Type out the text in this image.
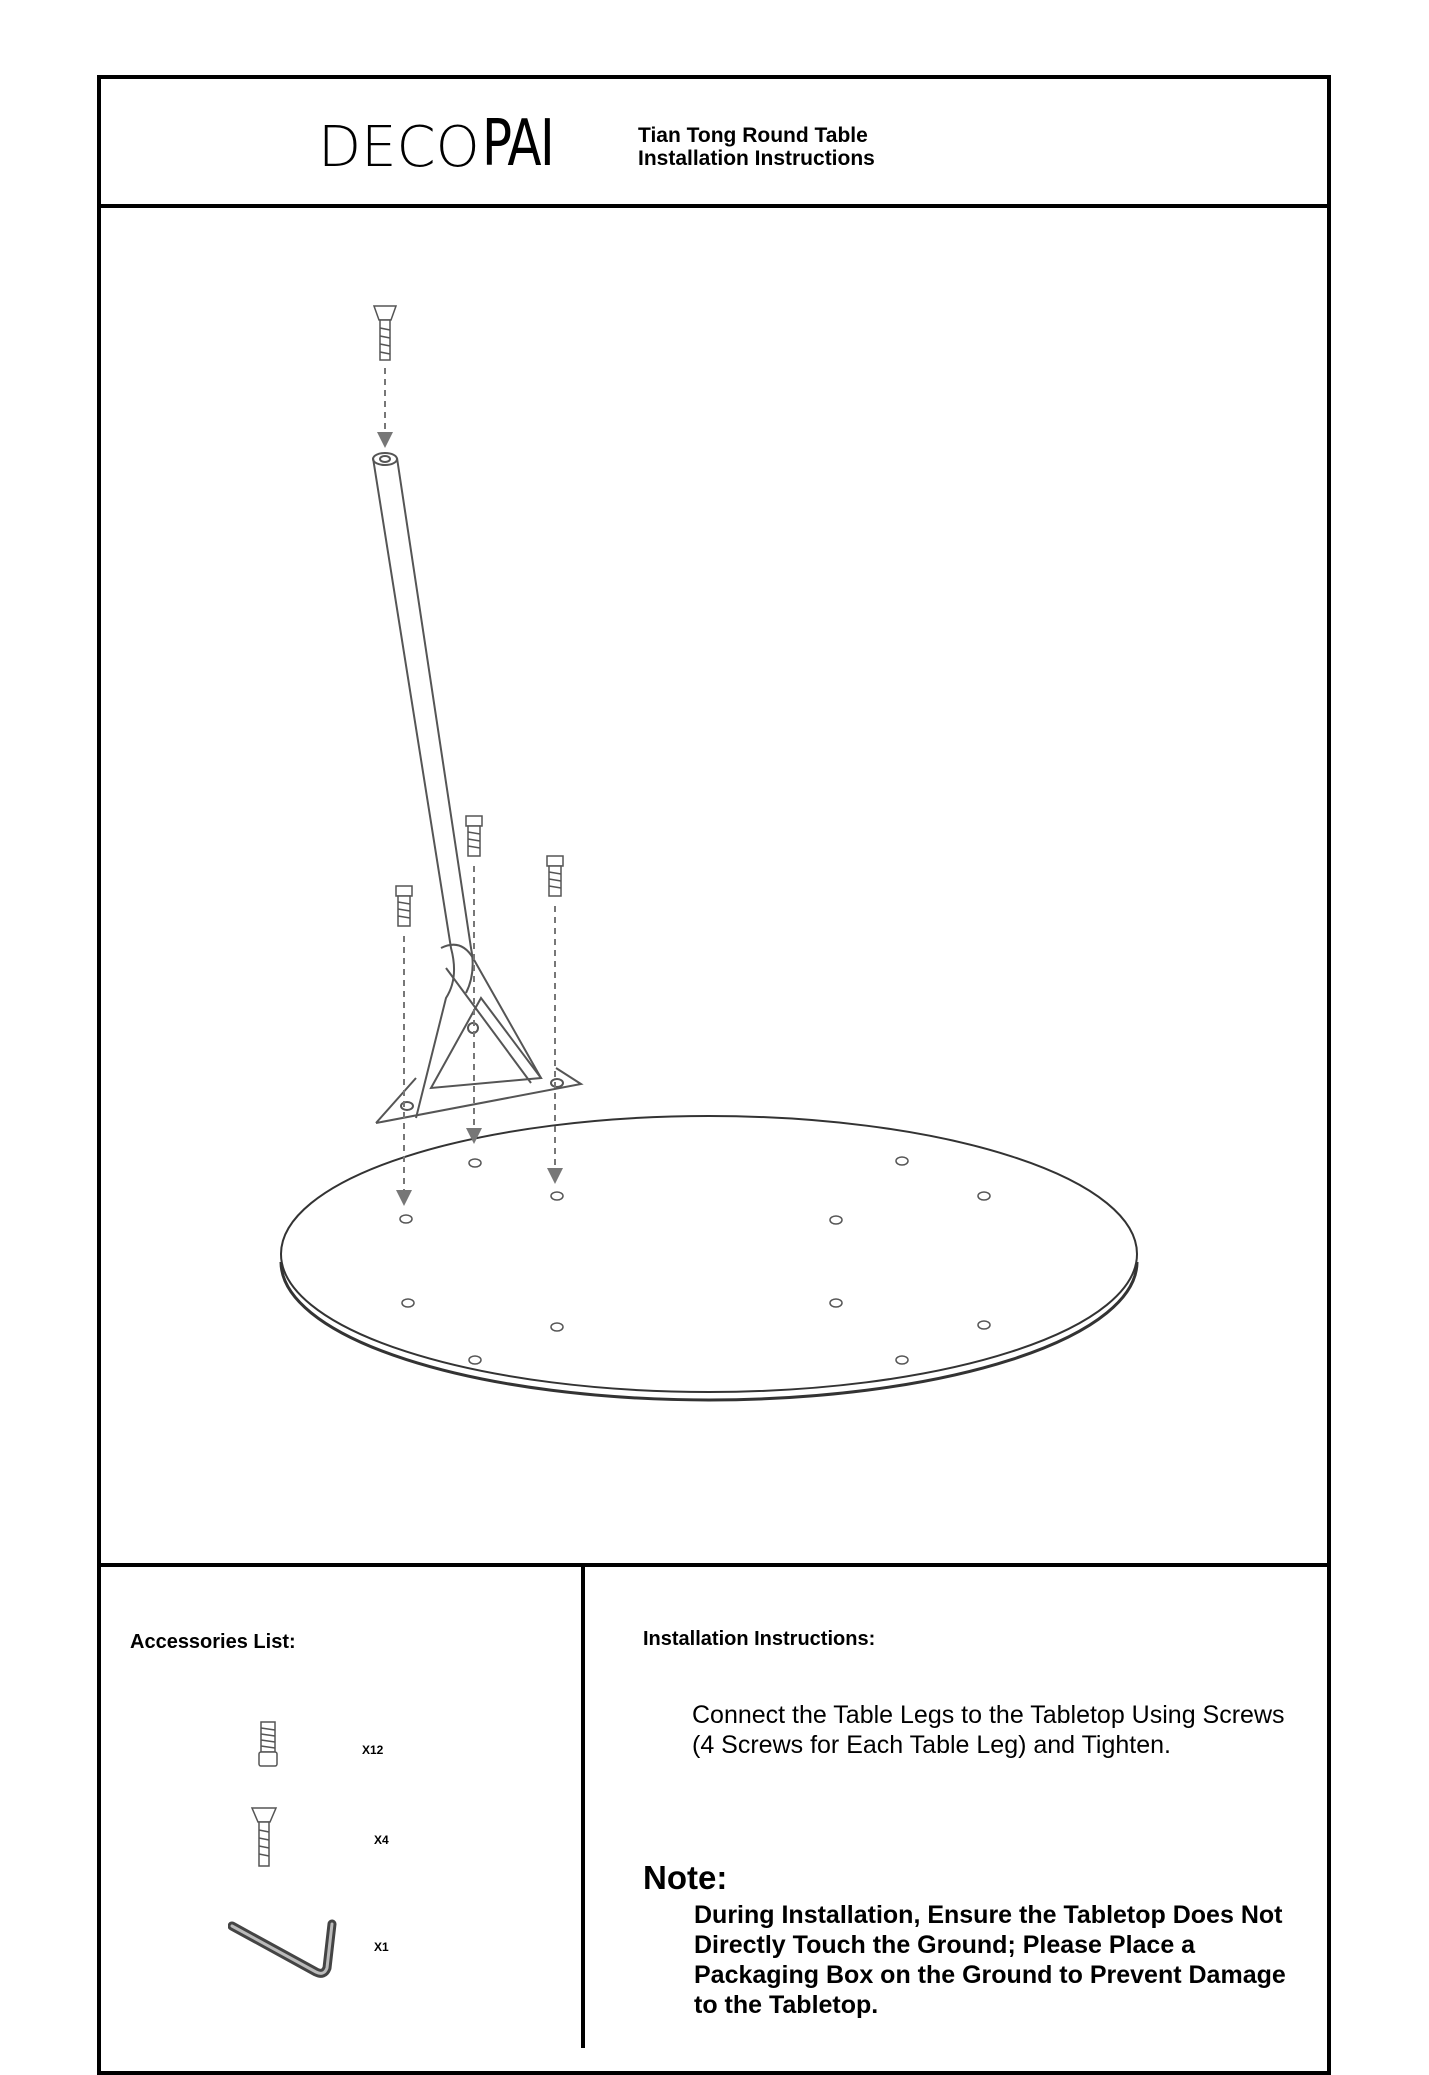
DECO PAI	Tian Tong Round Table
Installation Instructions
Accessories List:
X12
X4
X1
Installation Instructions:
Connect the Table Legs to the Tabletop Using Screws (4 Screws for Each Table Leg) and Tighten.
Note:
During Installation, Ensure the Tabletop Does Not Directly Touch the Ground; Please Place a Packaging Box on the Ground to Prevent Damage to the Tabletop.
